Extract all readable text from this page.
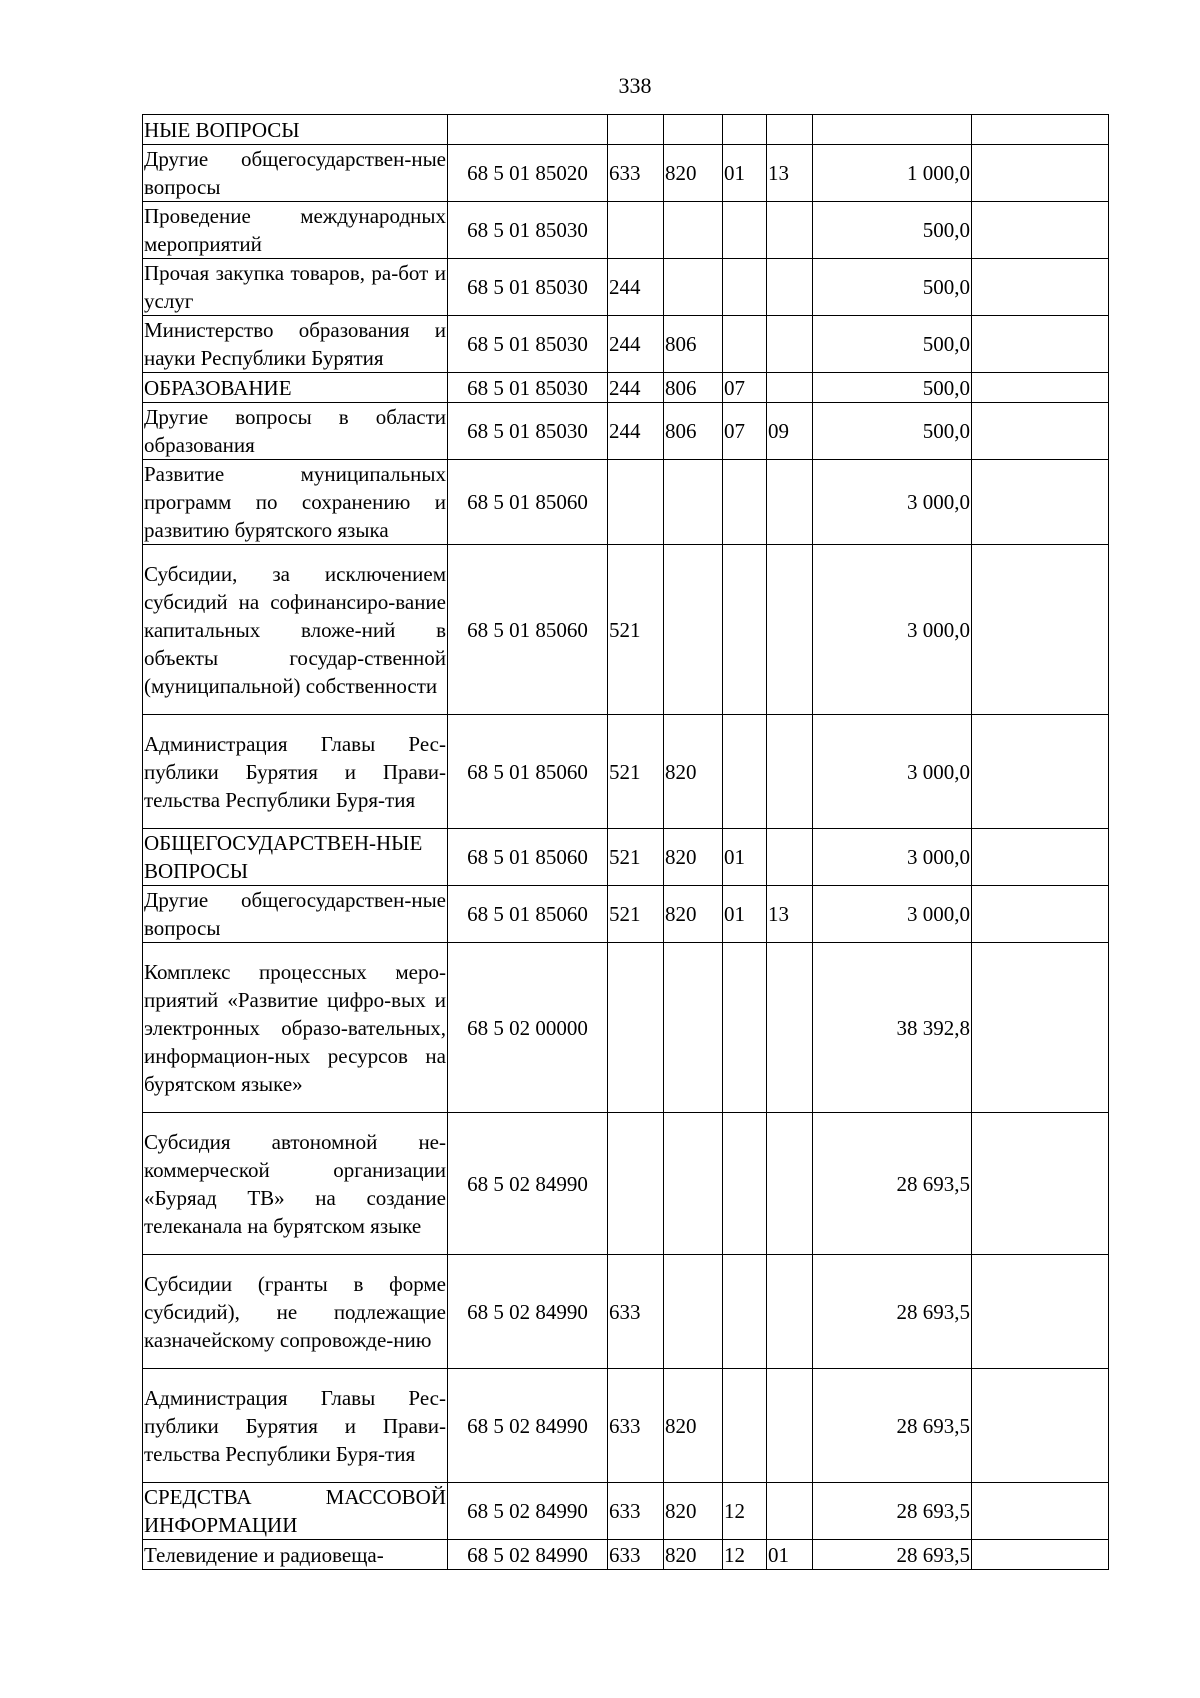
338
НЫЕ ВОПРОСЫ							
Другие общегосударствен-ные вопросы	68 5 01 85020	633	820	01	13	1 000,0	
Проведение международных мероприятий	68 5 01 85030					500,0	
Прочая закупка товаров, ра-бот и услуг	68 5 01 85030	244				500,0	
Министерство образования и науки Республики Бурятия	68 5 01 85030	244	806			500,0	
ОБРАЗОВАНИЕ	68 5 01 85030	244	806	07		500,0	
Другие вопросы в области образования	68 5 01 85030	244	806	07	09	500,0	
Развитие муниципальных программ по сохранению и развитию бурятского языка	68 5 01 85060					3 000,0	
Субсидии, за исключением субсидий на софинансиро-вание капитальных вложе-ний в объекты государ-ственной (муниципальной) собственности	68 5 01 85060	521				3 000,0	
Администрация Главы Рес-публики Бурятия и Прави-тельства Республики Буря-тия	68 5 01 85060	521	820			3 000,0	
ОБЩЕГОСУДАРСТВЕН-НЫЕ ВОПРОСЫ	68 5 01 85060	521	820	01		3 000,0	
Другие общегосударствен-ные вопросы	68 5 01 85060	521	820	01	13	3 000,0	
Комплекс процессных меро-приятий «Развитие цифро-вых и электронных образо-вательных, информацион-ных ресурсов на бурятском языке»	68 5 02 00000					38 392,8	
Субсидия автономной не-коммерческой организации «Буряад ТВ» на создание телеканала на бурятском языке	68 5 02 84990					28 693,5	
Субсидии (гранты в форме субсидий), не подлежащие казначейскому сопровожде-нию	68 5 02 84990	633				28 693,5	
Администрация Главы Рес-публики Бурятия и Прави-тельства Республики Буря-тия	68 5 02 84990	633	820			28 693,5	
СРЕДСТВА МАССОВОЙ ИНФОРМАЦИИ	68 5 02 84990	633	820	12		28 693,5	
Телевидение и радиовеща-	68 5 02 84990	633	820	12	01	28 693,5	
